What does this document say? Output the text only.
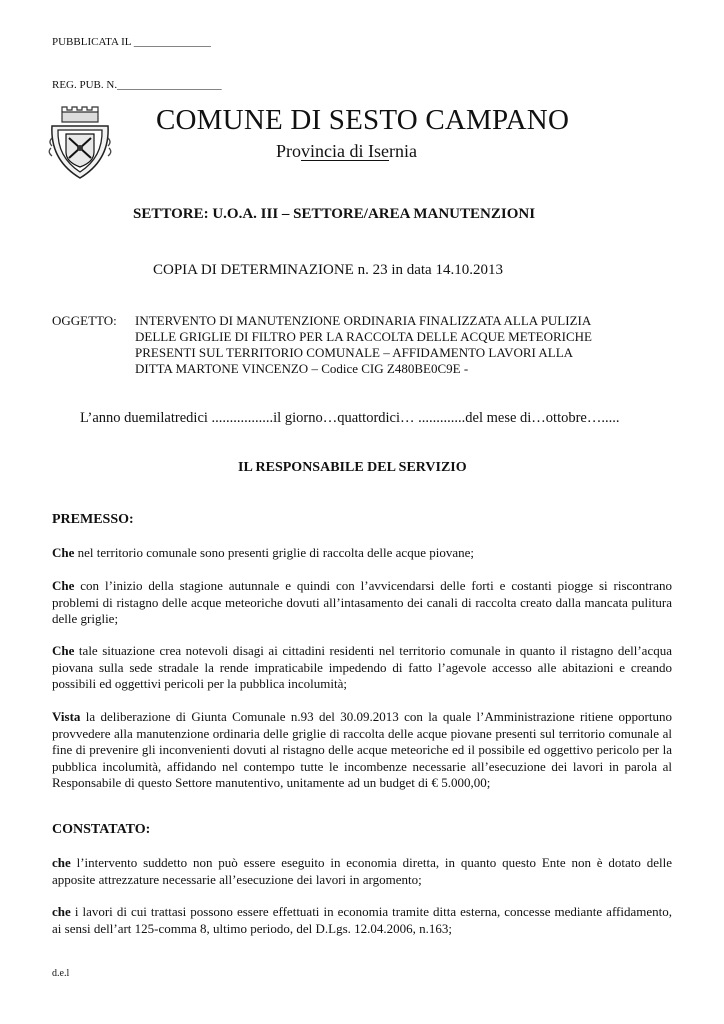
PUBBLICATA IL ______________
REG. PUB. N.___________________
COMUNE DI SESTO CAMPANO
Provincia di Isernia
SETTORE: U.O.A. III – SETTORE/AREA MANUTENZIONI
COPIA DI DETERMINAZIONE n. 23 in data 14.10.2013
OGGETTO: INTERVENTO DI MANUTENZIONE ORDINARIA FINALIZZATA ALLA PULIZIA
DELLE GRIGLIE DI FILTRO PER LA RACCOLTA DELLE ACQUE METEORICHE
PRESENTI SUL TERRITORIO COMUNALE – AFFIDAMENTO LAVORI ALLA
DITTA MARTONE VINCENZO – Codice CIG Z480BE0C9E -
L’anno duemilatredici .................il giorno…quattordici… .............del mese di…ottobre….....
IL RESPONSABILE DEL SERVIZIO
PREMESSO:

Che nel territorio comunale sono presenti griglie di raccolta delle acque piovane;

Che con l’inizio della stagione autunnale e quindi con l’avvicendarsi delle forti e costanti piogge si riscontrano problemi di ristagno delle acque meteoriche dovuti all’intasamento dei canali di raccolta creato dalla mancata pulitura delle griglie;

Che tale situazione crea notevoli disagi ai cittadini residenti nel territorio comunale in quanto il ristagno dell’acqua piovana sulla sede stradale la rende impraticabile impedendo di fatto l’agevole accesso alle abitazioni e creando possibili ed oggettivi pericoli per la pubblica incolumità;

Vista la deliberazione di Giunta Comunale n.93 del 30.09.2013 con la quale l’Amministrazione ritiene opportuno provvedere alla manutenzione ordinaria delle griglie di raccolta delle acque piovane presenti sul territorio comunale al fine di prevenire gli inconvenienti dovuti al ristagno delle acque meteoriche ed il possibile ed oggettivo pericolo per la pubblica incolumità, affidando nel contempo tutte le incombenze necessarie all’esecuzione dei lavori in parola al Responsabile di questo Settore manutentivo, unitamente ad un budget di € 5.000,00;

CONSTATATO:

che l’intervento suddetto non può essere eseguito in economia diretta, in quanto questo Ente non è dotato delle apposite attrezzature necessarie all’esecuzione dei lavori in argomento;

che i lavori di cui trattasi possono essere effettuati in economia tramite ditta esterna, concesse mediante affidamento, ai sensi dell’art 125-comma 8, ultimo periodo, del D.Lgs. 12.04.2006, n.163;

d.e.l
